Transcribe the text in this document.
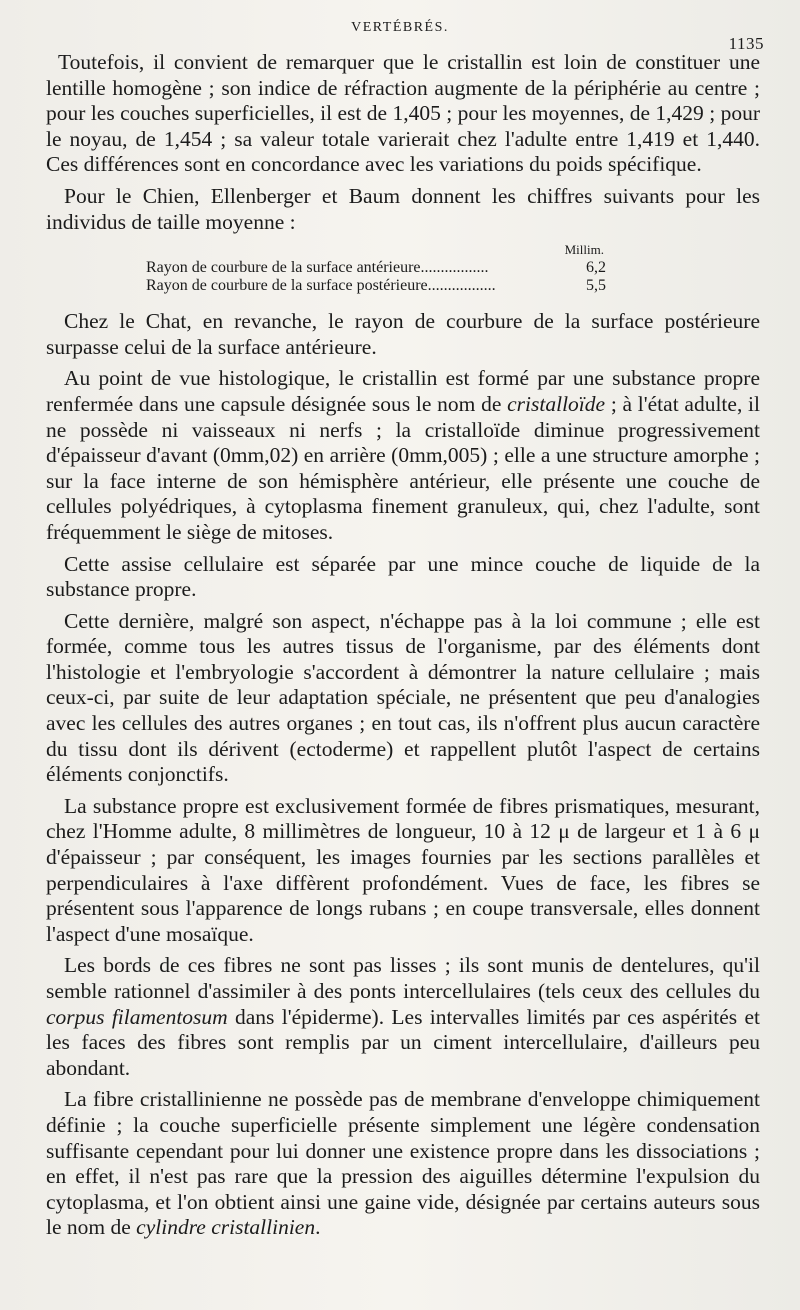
VERTÉBRÉS.
1135

Toutefois, il convient de remarquer que le cristallin est loin de constituer une lentille homogène ; son indice de réfraction augmente de la périphérie au centre ; pour les couches superficielles, il est de 1,405 ; pour les moyennes, de 1,429 ; pour le noyau, de 1,454 ; sa valeur totale varierait chez l'adulte entre 1,419 et 1,440. Ces différences sont en concordance avec les variations du poids spécifique.

Pour le Chien, Ellenberger et Baum donnent les chiffres suivants pour les individus de taille moyenne :

Millim.
Rayon de courbure de la surface antérieure.................	6,2
Rayon de courbure de la surface postérieure.................	5,5

Chez le Chat, en revanche, le rayon de courbure de la surface postérieure surpasse celui de la surface antérieure.

Au point de vue histologique, le cristallin est formé par une substance propre renfermée dans une capsule désignée sous le nom de cristalloïde ; à l'état adulte, il ne possède ni vaisseaux ni nerfs ; la cristalloïde diminue progressivement d'épaisseur d'avant (0mm,02) en arrière (0mm,005) ; elle a une structure amorphe ; sur la face interne de son hémisphère antérieur, elle présente une couche de cellules polyédriques, à cytoplasma finement granuleux, qui, chez l'adulte, sont fréquemment le siège de mitoses.

Cette assise cellulaire est séparée par une mince couche de liquide de la substance propre.

Cette dernière, malgré son aspect, n'échappe pas à la loi commune ; elle est formée, comme tous les autres tissus de l'organisme, par des éléments dont l'histologie et l'embryologie s'accordent à démontrer la nature cellulaire ; mais ceux-ci, par suite de leur adaptation spéciale, ne présentent que peu d'analogies avec les cellules des autres organes ; en tout cas, ils n'offrent plus aucun caractère du tissu dont ils dérivent (ectoderme) et rappellent plutôt l'aspect de certains éléments conjonctifs.

La substance propre est exclusivement formée de fibres prismatiques, mesurant, chez l'Homme adulte, 8 millimètres de longueur, 10 à 12 μ de largeur et 1 à 6 μ d'épaisseur ; par conséquent, les images fournies par les sections parallèles et perpendiculaires à l'axe diffèrent profondément. Vues de face, les fibres se présentent sous l'apparence de longs rubans ; en coupe transversale, elles donnent l'aspect d'une mosaïque.

Les bords de ces fibres ne sont pas lisses ; ils sont munis de dentelures, qu'il semble rationnel d'assimiler à des ponts intercellulaires (tels ceux des cellules du corpus filamentosum dans l'épiderme). Les intervalles limités par ces aspérités et les faces des fibres sont remplis par un ciment intercellulaire, d'ailleurs peu abondant.

La fibre cristallinienne ne possède pas de membrane d'enveloppe chimiquement définie ; la couche superficielle présente simplement une légère condensation suffisante cependant pour lui donner une existence propre dans les dissociations ; en effet, il n'est pas rare que la pression des aiguilles détermine l'expulsion du cytoplasma, et l'on obtient ainsi une gaine vide, désignée par certains auteurs sous le nom de cylindre cristallinien.
